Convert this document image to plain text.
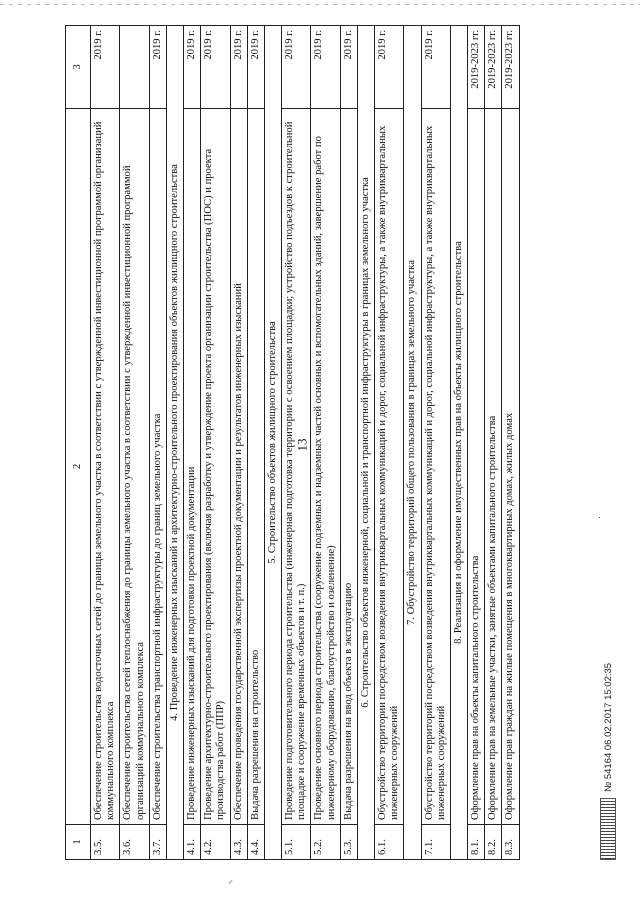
13
1	2	3
3.5.	Обеспечение строительства водосточных сетей до границы земельного участка в соответствии с утвержденной инвестиционной программой организаций коммунального комплекса	2019 г.
3.6.	Обеспечение строительства сетей теплоснабжения до границы земельного участка в соответствии с утвержденной инвестиционной программой организаций коммунального комплекса	
3.7.	Обеспечение строительства транспортной инфраструктуры до границ земельного участка	2019 г.
4. Проведение инженерных изысканий и архитектурно-строительного проектирования объектов жилищного строительства		
4.1.	Проведение инженерных изысканий для подготовки проектной документации	2019 г.
4.2.	Проведение архитектурно-строительного проектирования (включая разработку и утверждение проекта организации строительства (ПОС) и проекта производства работ (ППР)	2019 г.
4.3.	Обеспечение проведения государственной экспертизы проектной документации и результатов инженерных изысканий	2019 г.
4.4.	Выдача разрешения на строительство	2019 г.
5. Строительство объектов жилищного строительства		
5.1.	Проведение подготовительного периода строительства (инженерная подготовка территории с освоением площадки; устройство подъездов к строительной площадке и сооружение временных объектов и т. п.)	2019 г.
5.2.	Проведение основного периода строительства (сооружение подземных и надземных частей основных и вспомогательных зданий, завершение работ по инженерному оборудованию, благоустройство и озеленение)	2019 г.
5.3.	Выдача разрешения на ввод объекта в эксплуатацию	2019 г.
6. Строительство объектов инженерной, социальной и транспортной инфраструктуры в границах земельного участка		
6.1.	Обустройство территории посредством возведения внутриквартальных коммуникаций и дорог, социальной инфраструктуры, а также внутриквартальных инженерных сооружений	2019 г.
7. Обустройство территорий общего пользования в границах земельного участка		
7.1.	Обустройство территорий посредством возведения внутриквартальных коммуникаций и дорог, социальной инфраструктуры, а также внутриквартальных инженерных сооружений	2019 г.
8. Реализация и оформление имущественных прав на объекты жилищного строительства		
8.1.	Оформление прав на объекты капитального строительства	2019-2023 гг.
8.2.	Оформление прав на земельные участки, занятые объектами капитального строительства	2019-2023 гг.
8.3.	Оформление прав граждан на жилые помещения в многоквартирных домах, жилых домах	2019-2023 гг.
№ 54164 06.02.2017 15:02:35
⸝
·
